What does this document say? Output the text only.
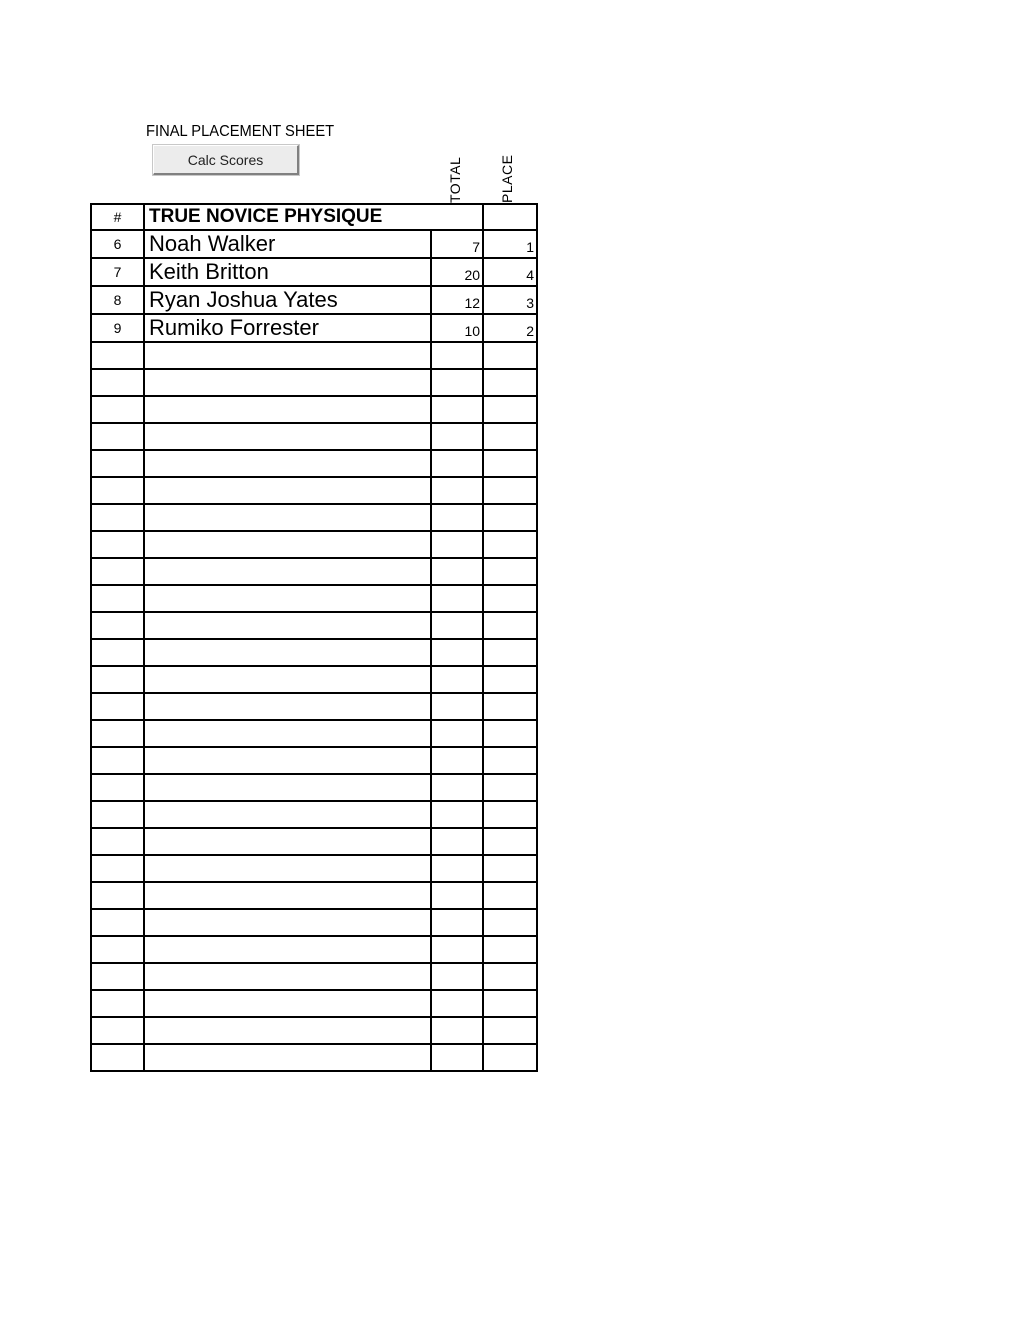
FINAL PLACEMENT SHEET
Calc Scores	TOTAL	PLACE
#	TRUE NOVICE PHYSIQUE		
6	Noah Walker	7	1
7	Keith Britton	20	4
8	Ryan Joshua Yates	12	3
9	Rumiko Forrester	10	2
